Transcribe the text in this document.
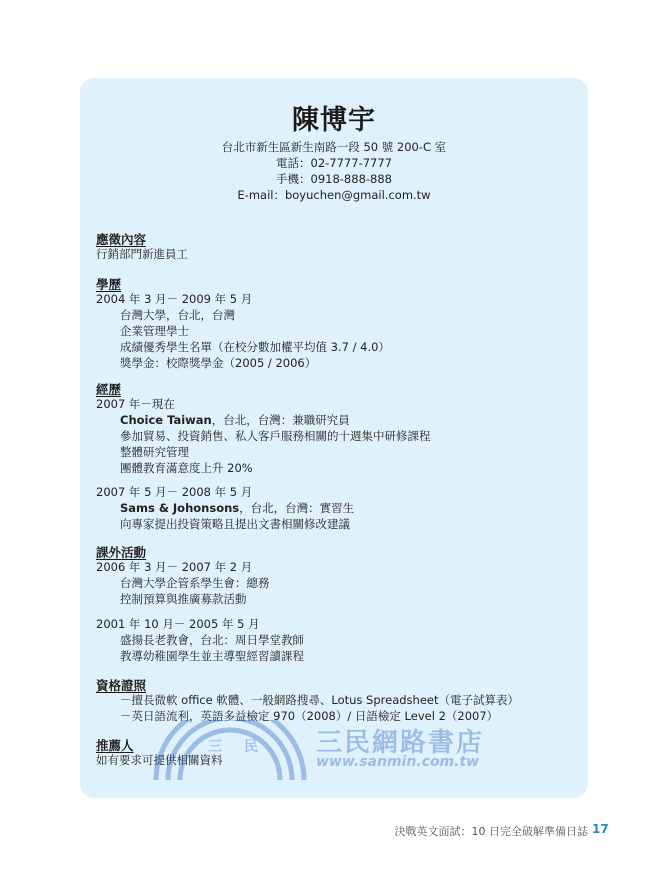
陳博宇
台北市新生區新生南路一段 50 號 200-C 室
電話：02-7777-7777
手機：0918-888-888
E-mail：boyuchen@gmail.com.tw
應徵內容
行銷部門新進員工
學歷
2004 年 3 月－ 2009 年 5 月
台灣大學，台北，台灣
企業管理學士
成績優秀學生名單（在校分數加權平均值 3.7 / 4.0）
獎學金：校際獎學金（2005 / 2006）
經歷
2007 年－現在
Choice Taiwan，台北，台灣：兼職研究員
參加貿易、投資銷售、私人客戶服務相關的十週集中研修課程
整體研究管理
團體教育滿意度上升 20%
2007 年 5 月－ 2008 年 5 月
Sams & Johonsons，台北，台灣：實習生
向專家提出投資策略且提出文書相關修改建議
課外活動
2006 年 3 月－ 2007 年 2 月
台灣大學企管系學生會：總務
控制預算與推廣募款活動
2001 年 10 月－ 2005 年 5 月
盛揚長老教會，台北：周日學堂教師
教導幼稚園學生並主導聖經習讀課程
資格證照
－擅長微軟 office 軟體、一般網路搜尋、Lotus Spreadsheet（電子試算表）
－英日語流利，英語多益檢定 970（2008）/ 日語檢定 Level 2（2007）
推薦人
如有要求可提供相關資料
三 民 三民網路書店
www.sanmin.com.tw
決戰英文面試：10 日完全破解準備日誌 17
